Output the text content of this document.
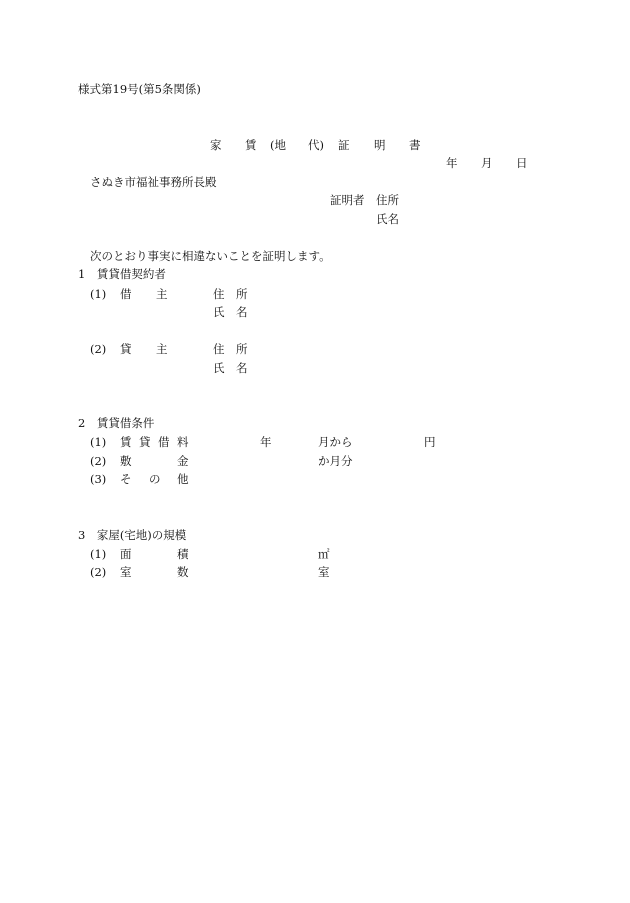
様式第19号(第5条関係)
家 賃 (地 代) 証 明 書
年 月 日
さぬき市福祉事務所長殿
証明者 住所
氏名
次のとおり事実に相違ないことを証明します。
1　賃貸借契約者
(1) 借 主	住 所
氏 名
(2) 貸 主	住 所
氏 名
2　賃貸借条件
(1) 賃 貸 借 料	年	月から	円
(2) 敷	金	か月分
(3) そ の 他
3　家屋(宅地)の規模
(1) 面	積	㎡
(2) 室	数	室
